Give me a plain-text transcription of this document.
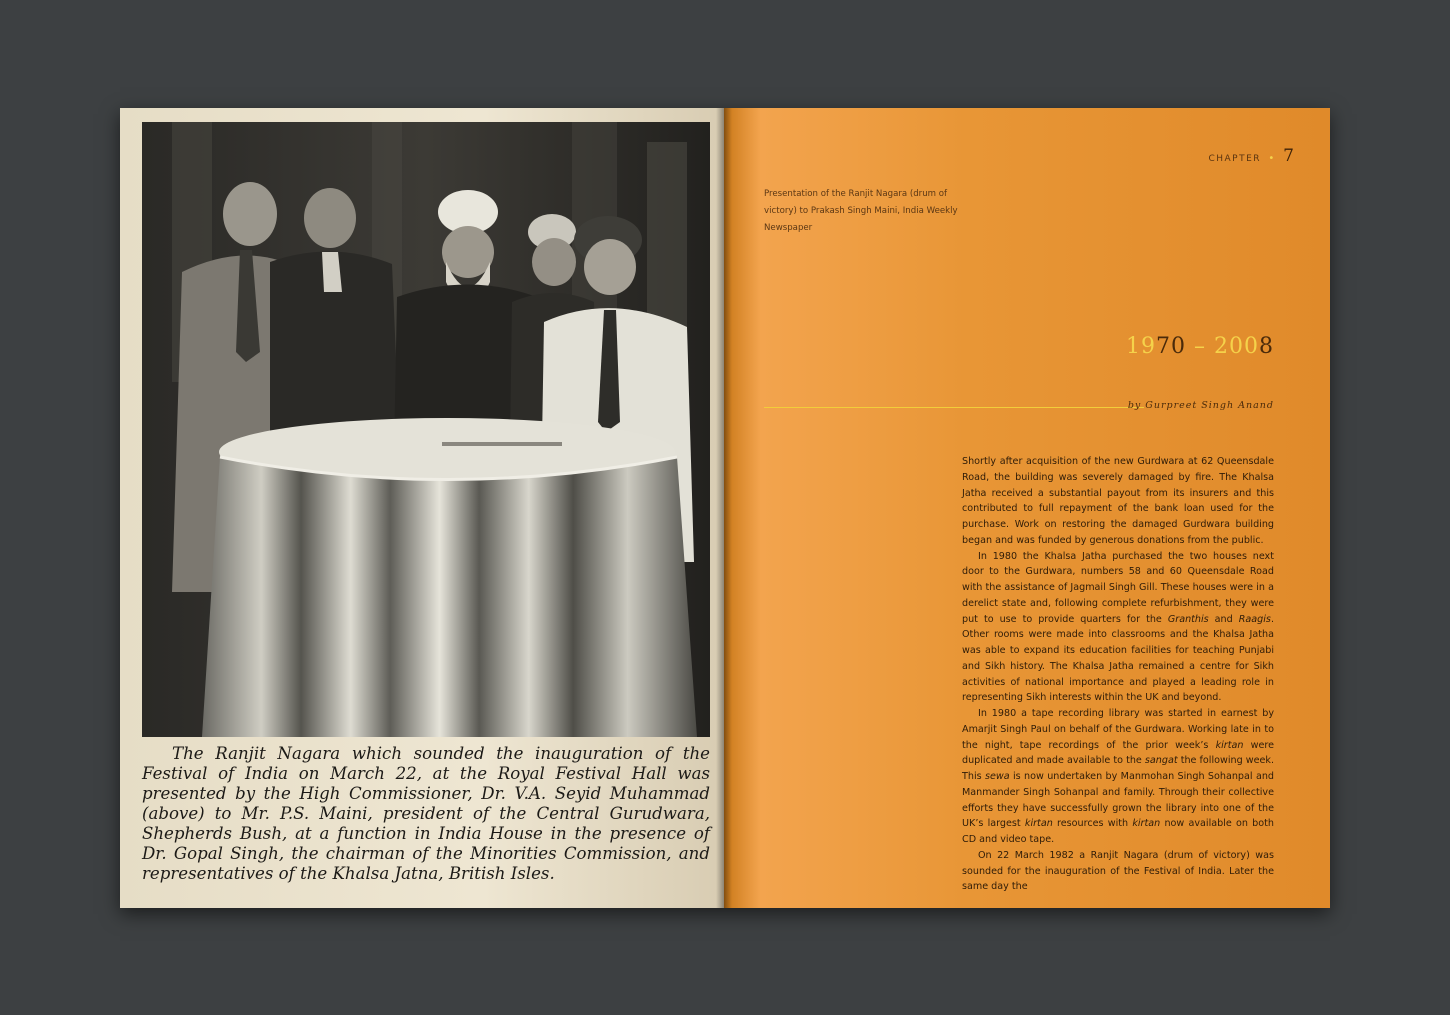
The Ranjit Nagara which sounded the inauguration of the Festival of India on March 22, at the Royal Festival Hall was presented by the High Commissioner, Dr. V.A. Seyid Muhammad (above) to Mr. P.S. Maini, president of the Central Gurudwara, Shepherds Bush, at a function in India House in the presence of Dr. Gopal Singh, the chairman of the Minorities Commission, and representatives of the Khalsa Jatna, British Isles.
CHAPTER • 7
Presentation of the Ranjit Nagara (drum of victory) to Prakash Singh Maini, India Weekly Newspaper
1970 – 2008
by Gurpreet Singh Anand

Shortly after acquisition of the new Gurdwara at 62 Queensdale Road, the building was severely damaged by fire. The Khalsa Jatha received a substantial payout from its insurers and this contributed to full repayment of the bank loan used for the purchase. Work on restoring the damaged Gurdwara building began and was funded by generous donations from the public.

In 1980 the Khalsa Jatha purchased the two houses next door to the Gurdwara, numbers 58 and 60 Queensdale Road with the assistance of Jagmail Singh Gill. These houses were in a derelict state and, following complete refurbishment, they were put to use to provide quarters for the Granthis and Raagis. Other rooms were made into classrooms and the Khalsa Jatha was able to expand its education facilities for teaching Punjabi and Sikh history. The Khalsa Jatha remained a centre for Sikh activities of national importance and played a leading role in representing Sikh interests within the UK and beyond.

In 1980 a tape recording library was started in earnest by Amarjit Singh Paul on behalf of the Gurdwara. Working late in to the night, tape recordings of the prior week’s kirtan were duplicated and made available to the sangat the following week. This sewa is now undertaken by Manmohan Singh Sohanpal and Manmander Singh Sohanpal and family. Through their collective efforts they have successfully grown the library into one of the UK’s largest kirtan resources with kirtan now available on both CD and video tape.

On 22 March 1982 a Ranjit Nagara (drum of victory) was sounded for the inauguration of the Festival of India. Later the same day the
